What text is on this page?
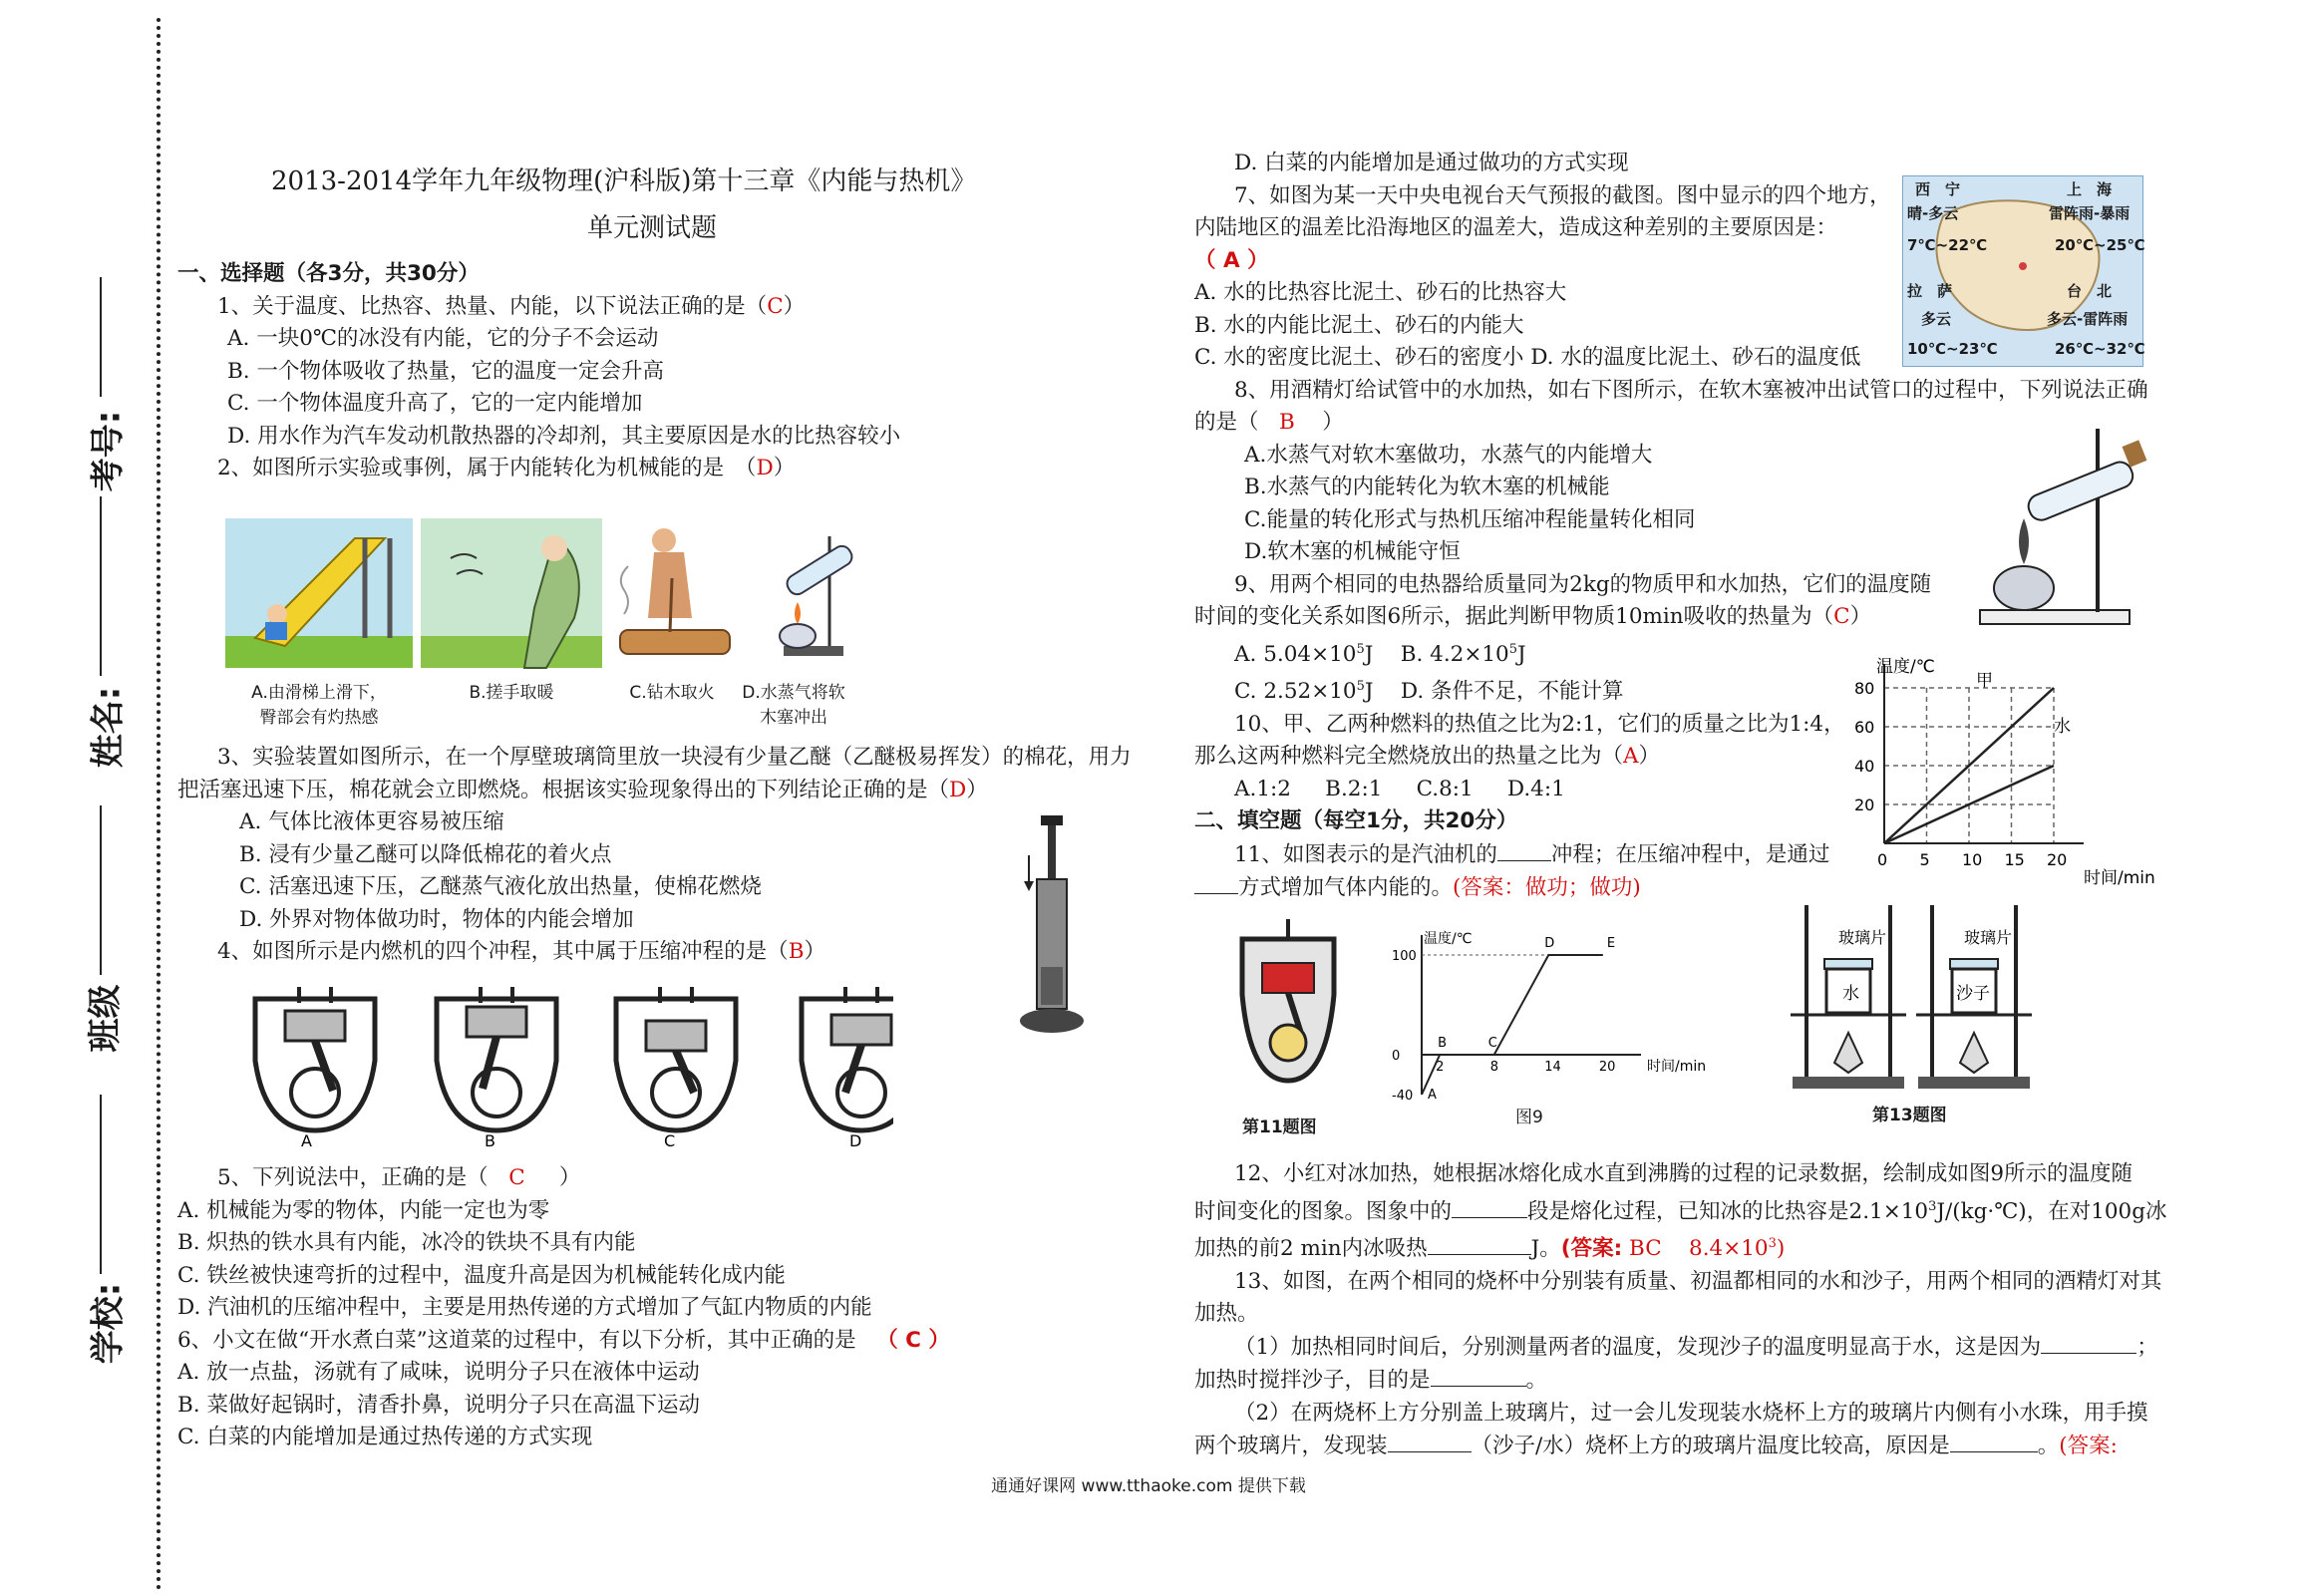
考号:
姓名:
班级
学校:

2013-2014学年九年级物理(沪科版)第十三章《内能与热机》

单元测试题

一、选择题（各3分，共30分）

1、关于温度、比热容、热量、内能，以下说法正确的是（C）

A. 一块0℃的冰没有内能，它的分子不会运动

B. 一个物体吸收了热量，它的温度一定会升高

C. 一个物体温度升高了，它的一定内能增加

D. 用水作为汽车发动机散热器的冷却剂，其主要原因是水的比热容较小

2、如图所示实验或事例，属于内能转化为机械能的是　（D）

A.由滑梯上滑下，
臀部会有灼热感
B.搓手取暖	C.钻木取火	D.水蒸气将软
木塞冲出

3、实验装置如图所示，在一个厚壁玻璃筒里放一块浸有少量乙醚（乙醚极易挥发）的棉花，用力

把活塞迅速下压，棉花就会立即燃烧。根据该实验现象得出的下列结论正确的是（D）

A. 气体比液体更容易被压缩

B. 浸有少量乙醚可以降低棉花的着火点

C. 活塞迅速下压，乙醚蒸气液化放出热量，使棉花燃烧

D. 外界对物体做功时，物体的内能会增加

4、如图所示是内燃机的四个冲程，其中属于压缩冲程的是（B）

A	B	C	D

5、下列说法中，正确的是（ C ）

A. 机械能为零的物体，内能一定也为零

B. 炽热的铁水具有内能，冰冷的铁块不具有内能

C. 铁丝被快速弯折的过程中，温度升高是因为机械能转化成内能

D. 汽油机的压缩冲程中，主要是用热传递的方式增加了气缸内物质的内能

6、小文在做“开水煮白菜”这道菜的过程中，有以下分析，其中正确的是 （ C ）

A. 放一点盐，汤就有了咸味，说明分子只在液体中运动

B. 菜做好起锅时，清香扑鼻，说明分子只在高温下运动

C. 白菜的内能增加是通过热传递的方式实现

D. 白菜的内能增加是通过做功的方式实现

7、如图为某一天中央电视台天气预报的截图。图中显示的四个地方，

内陆地区的温差比沿海地区的温差大，造成这种差别的主要原因是：

（ A ）

A. 水的比热容比泥土、砂石的比热容大

B. 水的内能比泥土、砂石的内能大

C. 水的密度比泥土、砂石的密度小 D. 水的温度比泥土、砂石的温度低

8、用酒精灯给试管中的水加热，如右下图所示，在软木塞被冲出试管口的过程中，下列说法正确

的是（ B ）

A.水蒸气对软木塞做功，水蒸气的内能增大

B.水蒸气的内能转化为软木塞的机械能

C.能量的转化形式与热机压缩冲程能量转化相同

D.软木塞的机械能守恒

9、用两个相同的电热器给质量同为2kg的物质甲和水加热，它们的温度随

时间的变化关系如图6所示，据此判断甲物质10min吸收的热量为（C）

A. $5.04\times 10^5J$ B. $4.2\times 10^5J$

C. $2.52\times 10^5J$ D. 条件不足，不能计算

10、甲、乙两种燃料的热值之比为2:1，它们的质量之比为1:4，

那么这两种燃料完全燃烧放出的热量之比为（A）

A.1:2 B.2:1 C.8:1 D.4:1

二、填空题（每空1分，共20分）

11、如图表示的是汽油机的	冲程；在压缩冲程中，是通过

方式增加气体内能的。(答案：做功；做功)

西　宁
晴-多云
7℃~22℃
上　海
雷阵雨-暴雨
20℃~25℃
拉　萨
多云
10℃~23℃
台　北
多云-雷阵雨
26℃~32℃
20
40
60
80
0 5 10 15 20
温度/℃
时间/min
甲
水
第11题图
100
-40
0
2	8	14	20
A
B	C
D	E
温度/℃
时间/min
图9
玻璃片	玻璃片
水	沙子
第13题图

12、小红对冰加热，她根据冰熔化成水直到沸腾的过程的记录数据，绘制成如图9所示的温度随

时间变化的图象。图象中的	段是熔化过程，已知冰的比热容是$2.1\times 10^3J/(kg\cdot℃)$，在对100g冰

加热的前2 min内冰吸热	J。(答案: BC $8.4\times 10^3$)

13、如图，在两个相同的烧杯中分别装有质量、初温都相同的水和沙子，用两个相同的酒精灯对其

加热。

（1）加热相同时间后，分别测量两者的温度，发现沙子的温度明显高于水，这是因为	；

加热时搅拌沙子，目的是	。

（2）在两烧杯上方分别盖上玻璃片，过一会儿发现装水烧杯上方的玻璃片内侧有小水珠，用手摸

两个玻璃片，发现装	（沙子/水）烧杯上方的玻璃片温度比较高，原因是	。(答案:

通通好课网 www.tthaoke.com 提供下载
